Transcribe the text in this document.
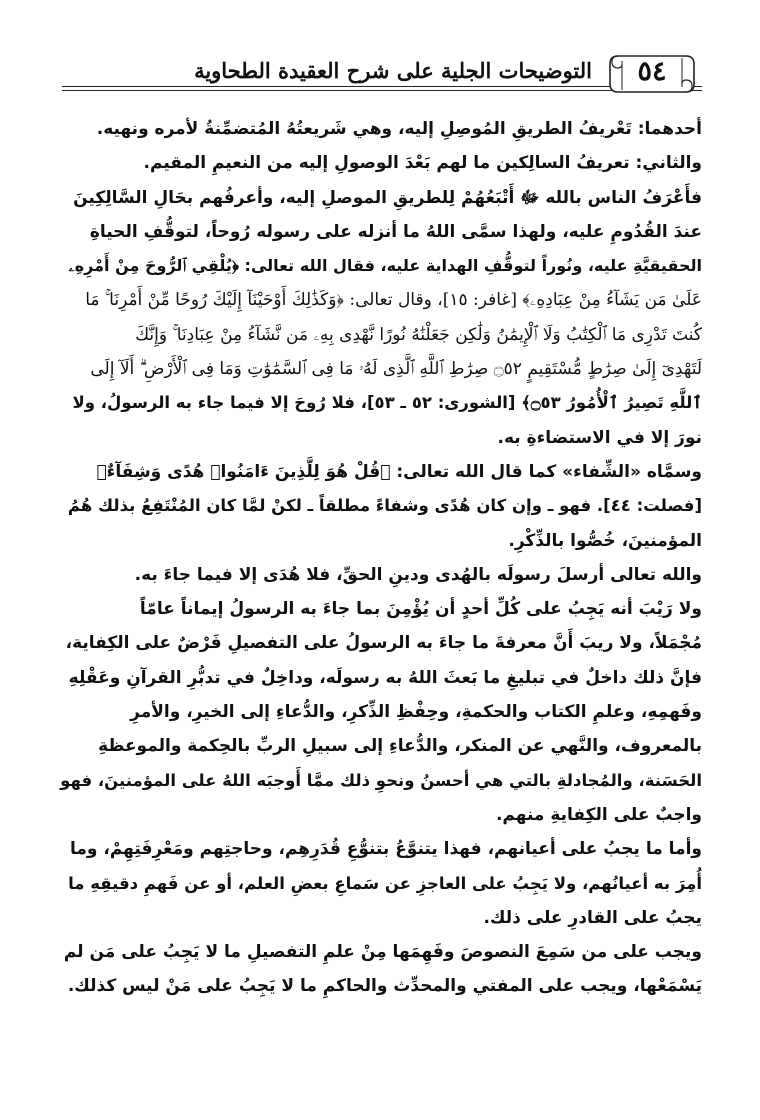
التوضيحات الجلية على شرح العقيدة الطحاوية	٥٤
أحدهما: تَعْريفُ الطريقِ المُوصِلِ إليه، وهي شَريعتُهُ المُتضمِّنةُ لأمره ونهيه.
والثاني: تعريفُ السالِكين ما لهم بَعْدَ الوصولِ إليه من النعيمِ المقيم.
فأَعْرَفُ الناس بالله ﷻ أَتْبَعُهُمْ لِلطريقِ الموصلِ إليه، وأعرفُهم بحَالِ السَّالِكِينَ
عندَ القُدُومِ عليه، ولهذا سمَّى اللهُ ما أنزله على رسوله رُوحاً، لتوقُّفِ الحياةِ
الحقيقيَّةِ عليه، ونُوراً لتوقُّفِ الهداية عليه، فقال الله تعالى: ﴿يُلْقِي ٱلرُّوحَ مِنْ أَمْرِهِۦ
عَلَىٰ مَن يَشَآءُ مِنْ عِبَادِهِۦ﴾ [غافر: ١٥]، وقال تعالى: ﴿وَكَذَٰلِكَ أَوْحَيْنَآ إِلَيْكَ رُوحًا مِّنْ أَمْرِنَا ۚ مَا
كُنتَ تَدْرِى مَا ٱلْكِتَٰبُ وَلَا ٱلْإِيمَٰنُ وَلَٰكِن جَعَلْنَٰهُ نُورًا نَّهْدِى بِهِۦ مَن نَّشَآءُ مِنْ عِبَادِنَا ۚ وَإِنَّكَ
لَتَهْدِىٓ إِلَىٰ صِرَٰطٍ مُّسْتَقِيمٍ ۝٥٢ صِرَٰطِ ٱللَّهِ ٱلَّذِى لَهُۥ مَا فِى ٱلسَّمَٰوَٰتِ وَمَا فِى ٱلْأَرْضِ ۗ أَلَآ إِلَى
ٱللَّهِ تَصِيرُ ٱلْأُمُورُ ۝٥٣﴾ [الشورى: ٥٢ ـ ٥٣]، فلا رُوحَ إلا فيما جاء به الرسولُ، ولا
نورَ إلا في الاستضاءةِ به.
وسمَّاه «الشِّفاء» كما قال الله تعالى: ﴿قُلْ هُوَ لِلَّذِينَ ءَامَنُوا۟ هُدًى وَشِفَآءٌ﴾
[فصلت: ٤٤]. فهو ـ وإن كان هُدًى وشفاءً مطلقاً ـ لكنْ لمَّا كان المُنْتَفِعُ بذلك هُمُ
المؤمنينَ، خُصُّوا بالذِّكْرِ.
والله تعالى أرسلَ رسولَه بالهُدى ودينِ الحقِّ، فلا هُدَى إلا فيما جاءَ به.
ولا رَيْبَ أنه يَجِبُ على كُلِّ أحدٍ أن يُؤْمِنَ بما جاءَ به الرسولُ إيماناً عامّاً
مُجْمَلاً، ولا ريبَ أَنَّ معرفةَ ما جاءَ به الرسولُ على التفصيلِ فَرْضٌ على الكِفاية،
فإنَّ ذلك داخلٌ في تبليغِ ما بَعثَ اللهُ به رسولَه، وداخِلٌ في تدبُّرِ القرآنِ وعَقْلِهِ
وفَهمِهِ، وعلمِ الكتاب والحكمةِ، وحِفْظِ الذِّكرِ، والدُّعاءِ إلى الخيرِ، والأمرِ
بالمعروف، والنَّهي عن المنكر، والدُّعاءِ إلى سبيلِ الربِّ بالحِكمة والموعظةِ
الحَسَنة، والمُجادلةِ بالتي هي أحسنُ ونحوِ ذلك ممَّا أَوجبَه اللهُ على المؤمنينَ، فهو
واجبٌ على الكِفايةِ منهم.
وأما ما يجبُ على أعيانهم، فهذا يتنوَّعُ بتنوُّعِ قُدَرِهِم، وحاجتِهم ومَعْرِفَتِهِمْ، وما
أُمِرَ به أعيانُهم، ولا يَجِبُ على العاجزِ عن سَماعِ بعضِ العلم، أو عن فَهمِ دقيقِهِ ما
يجبُ على القادرِ على ذلك.
ويجب على من سَمِعَ النصوصَ وفَهِمَها مِنْ علمِ التفصيلِ ما لا يَجِبُ على مَن لم
يَسْمَعْها، ويجب على المفتي والمحدِّث والحاكمِ ما لا يَجِبُ على مَنْ ليس كذلك.
